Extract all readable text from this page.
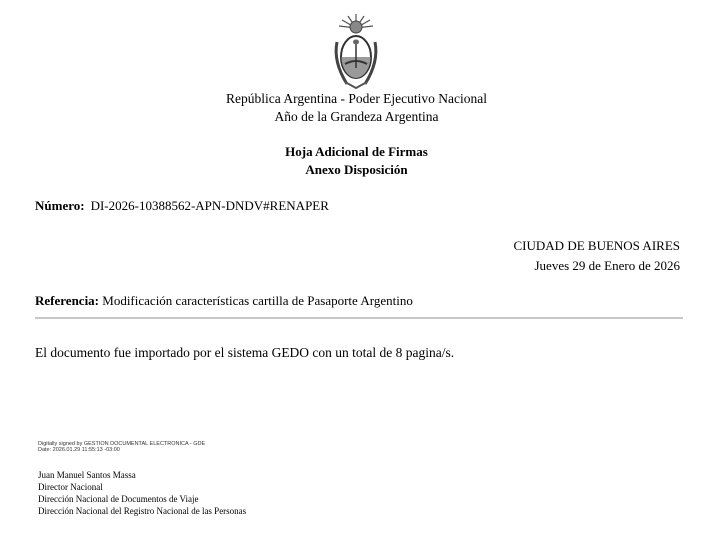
República Argentina - Poder Ejecutivo Nacional
Año de la Grandeza Argentina
Hoja Adicional de Firmas
Anexo Disposición
Número: DI-2026-10388562-APN-DNDV#RENAPER
CIUDAD DE BUENOS AIRES
Jueves 29 de Enero de 2026
Referencia: Modificación características cartilla de Pasaporte Argentino
El documento fue importado por el sistema GEDO con un total de 8 pagina/s.
Digitally signed by GESTION DOCUMENTAL ELECTRONICA - GDE
Date: 2026.01.29 11:55:13 -03:00
Juan Manuel Santos Massa
Director Nacional
Dirección Nacional de Documentos de Viaje
Dirección Nacional del Registro Nacional de las Personas
